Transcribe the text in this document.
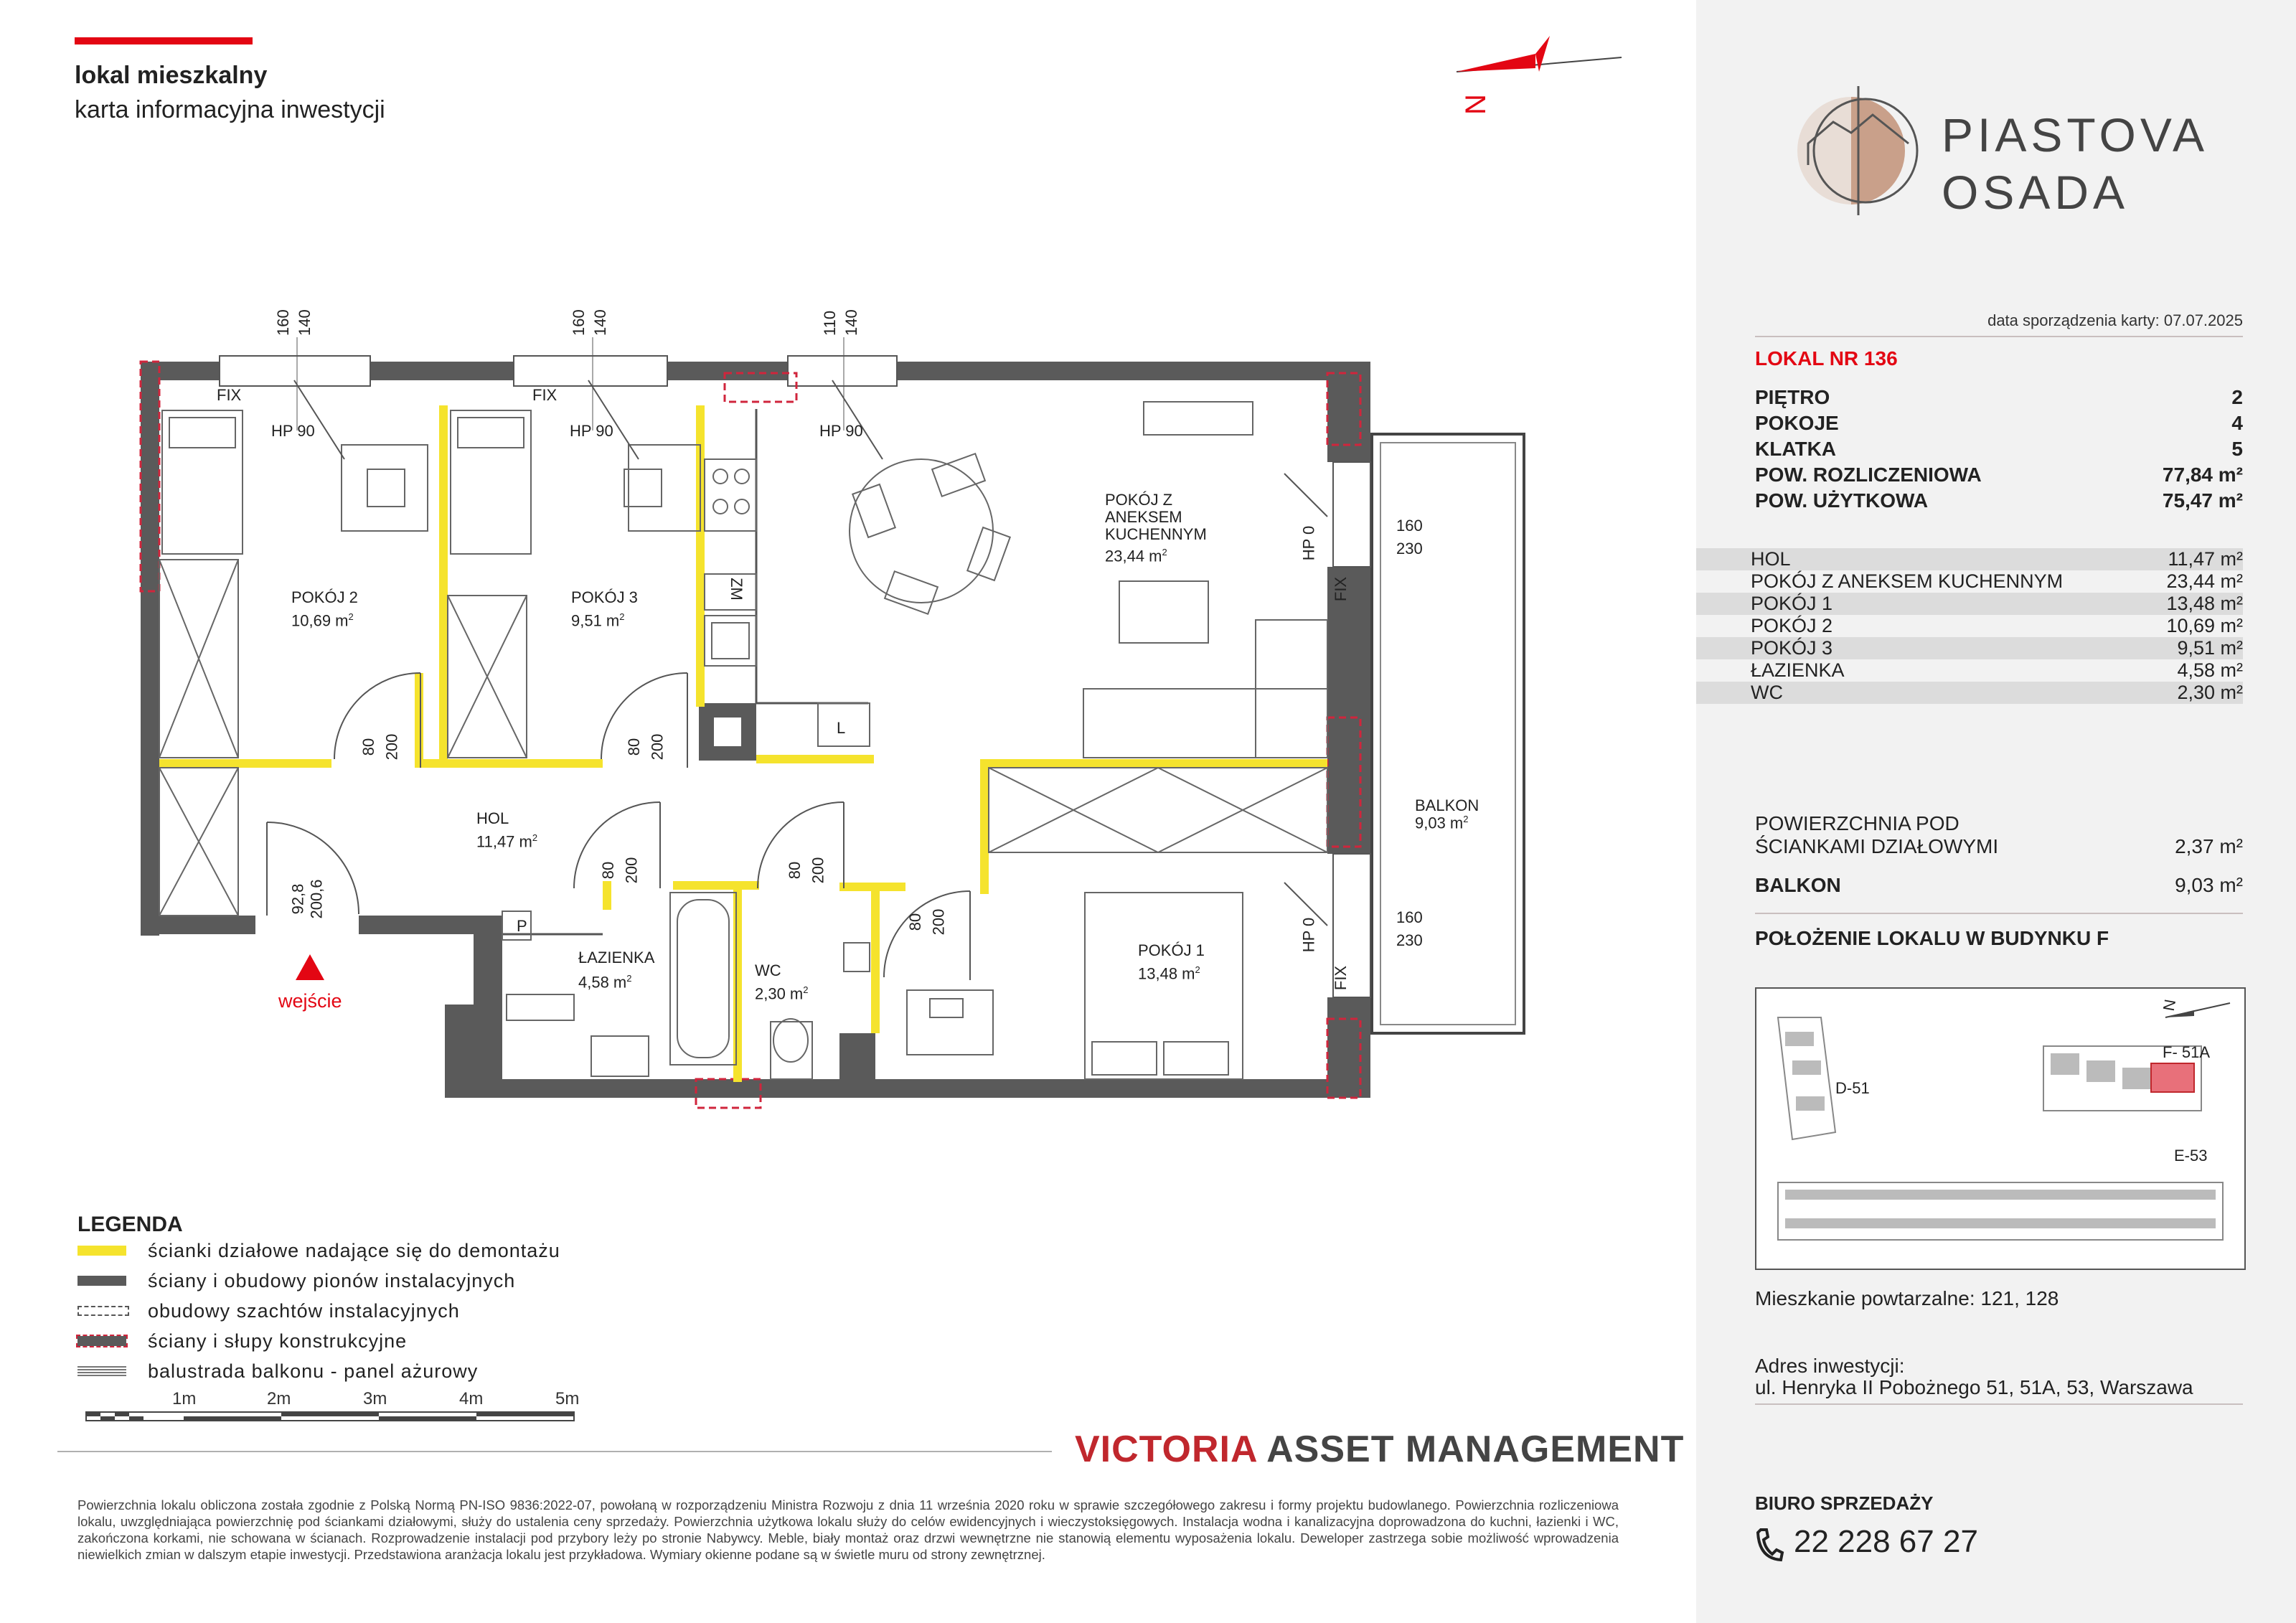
lokal mieszkalny
karta informacyjna inwestycji	N
160 140	160 140	110 140
FIX	FIX
HP 90	HP 90	HP 90
POKÓJ 2
10,69 $m^2$
POKÓJ 3
9,51 $m^2$
POKÓJ Z
ANEKSEM
KUCHENNYM
23,44 $m^2$
HOL
11,47 $m^2$
ŁAZIENKA
4,58 $m^2$	WC
2,30 $m^2$
POKÓJ 1
13,48 $m^2$
BALKON
9,03 $m^2$
160
230
160
230
HP 0
HP 0
FIX
FIX
ZM
L
P
80 200	80 200
80 200	80 200
80 200
92,8 200,6
wejście
LEGENDA
ścianki działowe nadające się do demontażu
ściany i obudowy pionów instalacyjnych
obudowy szachtów instalacyjnych
ściany i słupy konstrukcyjne
balustrada balkonu - panel ażurowy
1m	2m	3m	4m	5m
VICTORIA ASSET MANAGEMENT
Powierzchnia lokalu obliczona została zgodnie z Polską Normą PN-ISO 9836:2022-07, powołaną w rozporządzeniu Ministra Rozwoju z dnia 11 września 2020 roku w sprawie szczegółowego zakresu i formy projektu budowlanego. Powierzchnia rozliczeniowa lokalu, uwzględniająca powierzchnię pod ściankami działowymi, służy do ustalenia ceny sprzedaży. Powierzchnia użytkowa lokalu służy do celów ewidencyjnych i wieczystoksięgowych. Instalacja wodna i kanalizacyjna doprowadzona do kuchni, łazienki i WC, zakończona korkami, nie schowana w ścianach. Rozprowadzenie instalacji pod przybory leży po stronie Nabywcy. Meble, biały montaż oraz drzwi wewnętrzne nie stanowią elementu wyposażenia lokalu. Deweloper zastrzega sobie możliwość wprowadzenia niewielkich zmian w dalszym etapie inwestycji. Przedstawiona aranżacja lokalu jest przykładowa. Wymiary okienne podane są w świetle muru od strony zewnętrznej.
PIASTOVA
OSADA
data sporządzenia karty: 07.07.2025
LOKAL NR 136
PIĘTRO	2
POKOJE	4
KLATKA	5
POW. ROZLICZENIOWA	77,84 m²
POW. UŻYTKOWA	75,47 m²
HOL	11,47 m²
POKÓJ Z ANEKSEM KUCHENNYM	23,44 m²
POKÓJ 1	13,48 m²
POKÓJ 2	10,69 m²
POKÓJ 3	9,51 m²
ŁAZIENKA	4,58 m²
WC	2,30 m²
POWIERZCHNIA POD
ŚCIANKAMI DZIAŁOWYMI	2,37 m²
BALKON	9,03 m²
POŁOŻENIE LOKALU W BUDYNKU F
D-51
F- 51A
E-53
N
Mieszkanie powtarzalne: 121, 128
Adres inwestycji:
ul. Henryka II Pobożnego 51, 51A, 53, Warszawa
BIURO SPRZEDAŻY
22 228 67 27
